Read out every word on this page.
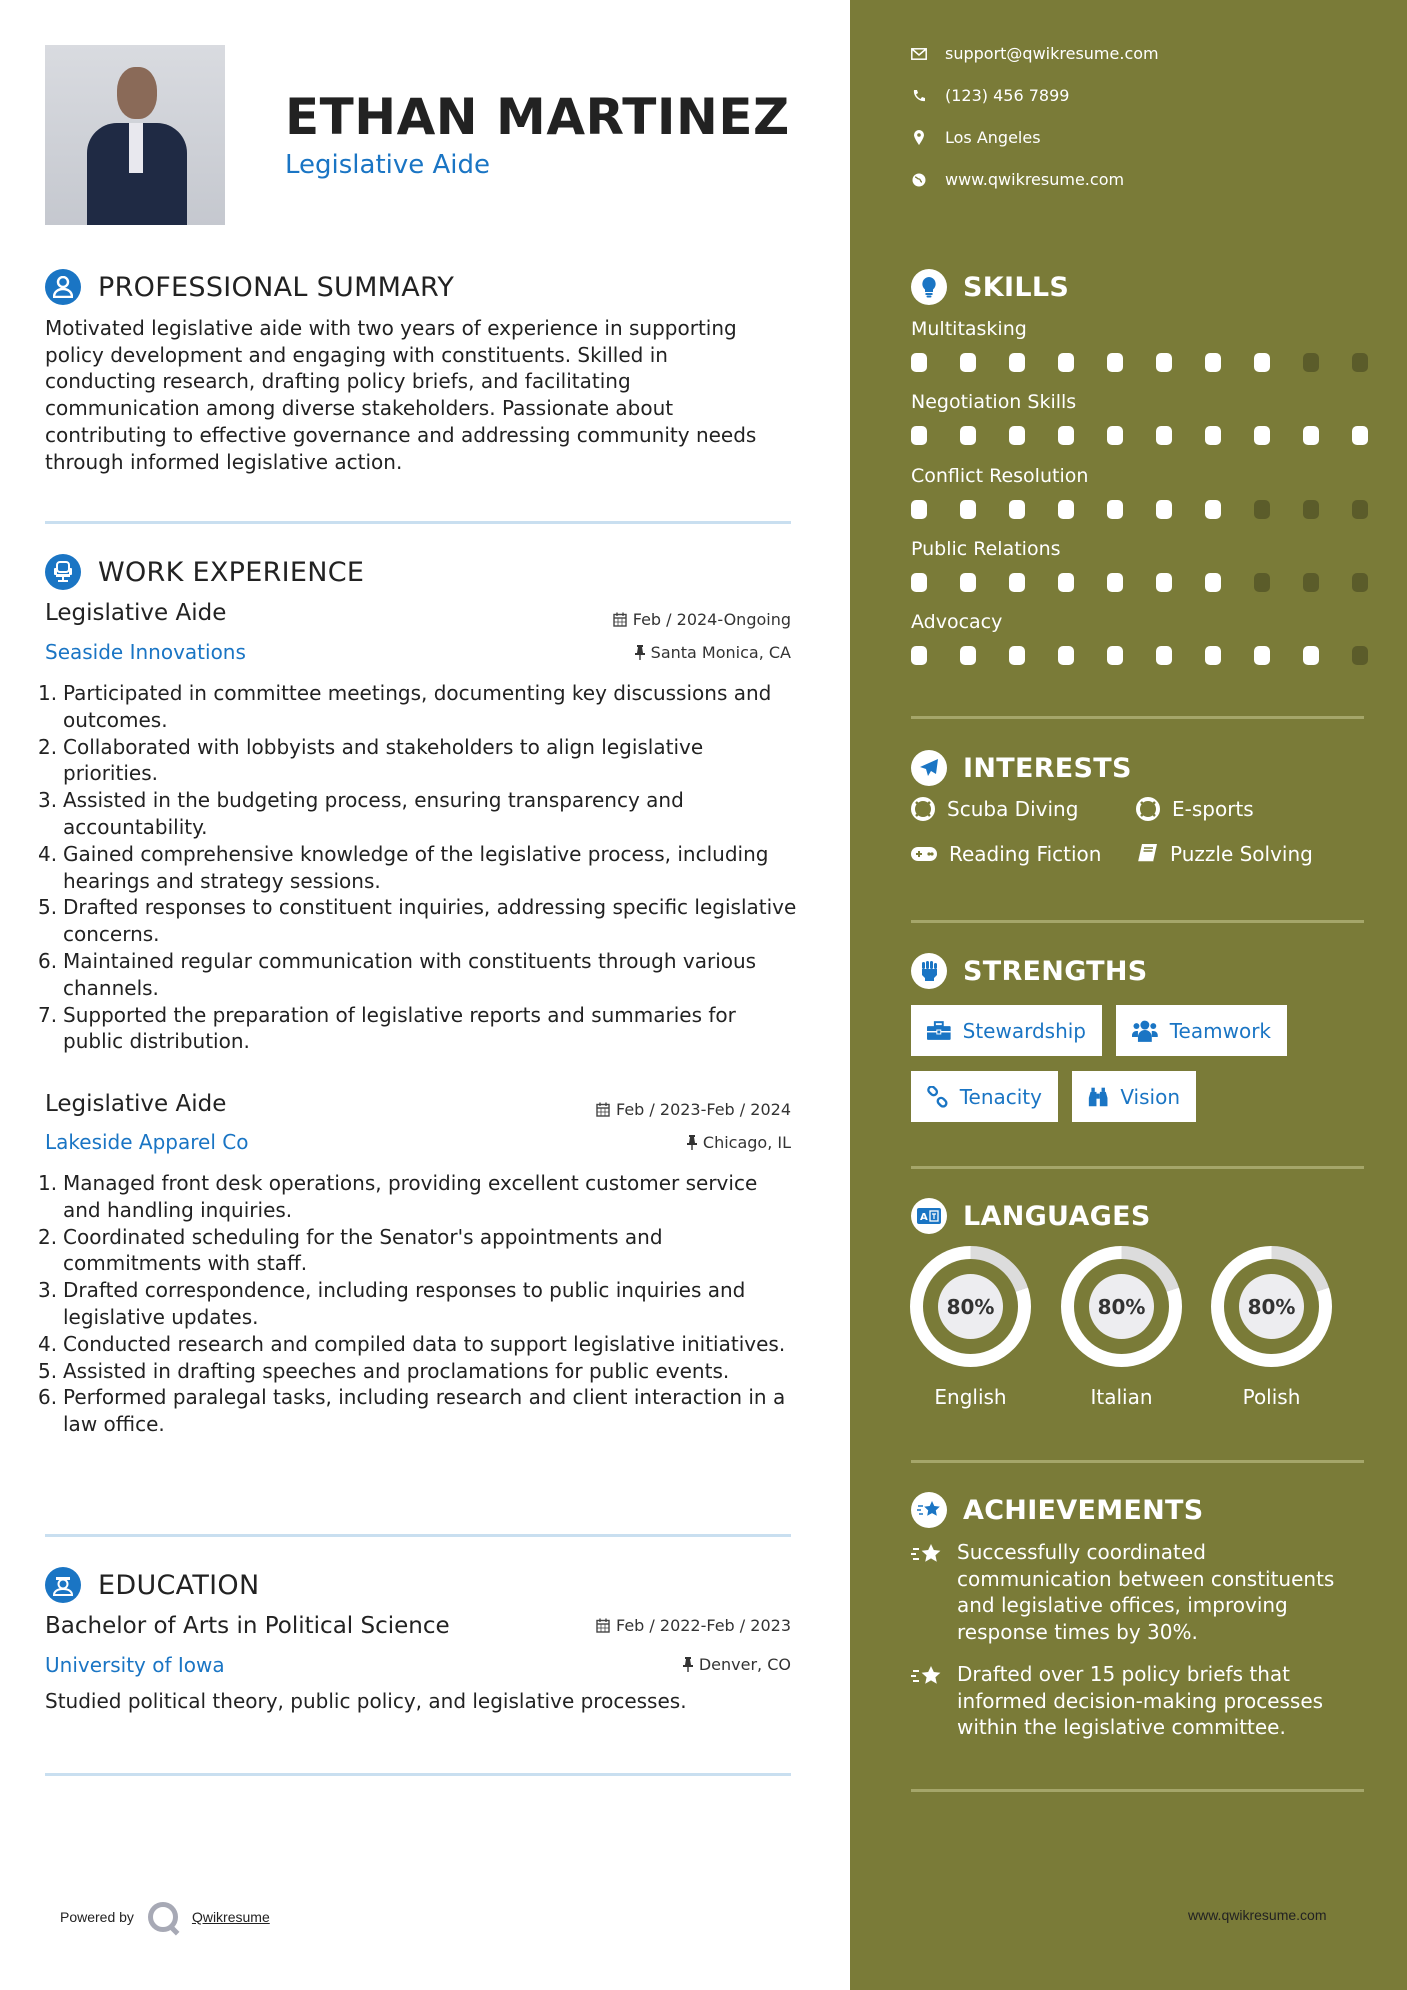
ETHAN MARTINEZ
Legislative Aide
PROFESSIONAL SUMMARY
Motivated legislative aide with two years of experience in supporting policy development and engaging with constituents. Skilled in conducting research, drafting policy briefs, and facilitating communication among diverse stakeholders. Passionate about contributing to effective governance and addressing community needs through informed legislative action.
WORK EXPERIENCE
Legislative Aide	Feb / 2024-Ongoing
Seaside Innovations	Santa Monica, CA
1. Participated in committee meetings, documenting key discussions and outcomes.
2. Collaborated with lobbyists and stakeholders to align legislative priorities.
3. Assisted in the budgeting process, ensuring transparency and accountability.
4. Gained comprehensive knowledge of the legislative process, including hearings and strategy sessions.
5. Drafted responses to constituent inquiries, addressing specific legislative concerns.
6. Maintained regular communication with constituents through various channels.
7. Supported the preparation of legislative reports and summaries for public distribution.
Legislative Aide	Feb / 2023-Feb / 2024
Lakeside Apparel Co	Chicago, IL
1. Managed front desk operations, providing excellent customer service and handling inquiries.
2. Coordinated scheduling for the Senator's appointments and commitments with staff.
3. Drafted correspondence, including responses to public inquiries and legislative updates.
4. Conducted research and compiled data to support legislative initiatives.
5. Assisted in drafting speeches and proclamations for public events.
6. Performed paralegal tasks, including research and client interaction in a law office.
EDUCATION
Bachelor of Arts in Political Science	Feb / 2022-Feb / 2023
University of Iowa	Denver, CO
Studied political theory, public policy, and legislative processes.
Powered by	Qwikresume
support@qwikresume.com
(123) 456 7899
Los Angeles
www.qwikresume.com
SKILLS
Multitasking
Negotiation Skills
Conflict Resolution
Public Relations
Advocacy
INTERESTS
Scuba Diving	E-sports
Reading Fiction	Puzzle Solving
STRENGTHS
Stewardship	Teamwork
Tenacity	Vision
A LANGUAGES
80%
English
80%
Italian
80%
Polish
ACHIEVEMENTS
Successfully coordinated communication between constituents and legislative offices, improving response times by 30%.
Drafted over 15 policy briefs that informed decision-making processes within the legislative committee.
www.qwikresume.com
